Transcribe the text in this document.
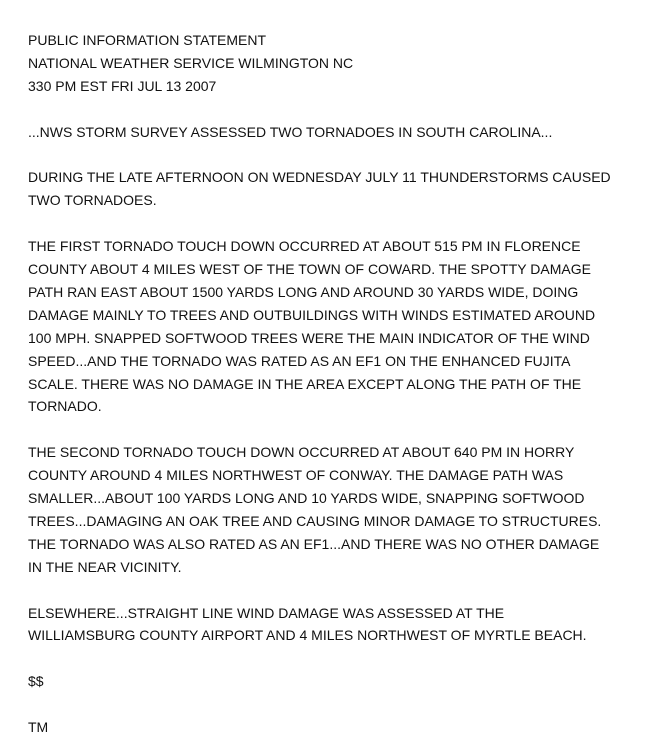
PUBLIC INFORMATION STATEMENT
NATIONAL WEATHER SERVICE WILMINGTON NC
330 PM EST FRI JUL 13 2007
...NWS STORM SURVEY ASSESSED TWO TORNADOES IN SOUTH CAROLINA...
DURING THE LATE AFTERNOON ON WEDNESDAY JULY 11 THUNDERSTORMS CAUSED
TWO TORNADOES.
THE FIRST TORNADO TOUCH DOWN OCCURRED AT ABOUT 515 PM IN FLORENCE
COUNTY ABOUT 4 MILES WEST OF THE TOWN OF COWARD. THE SPOTTY DAMAGE
PATH RAN EAST ABOUT 1500 YARDS LONG AND AROUND 30 YARDS WIDE, DOING
DAMAGE MAINLY TO TREES AND OUTBUILDINGS WITH WINDS ESTIMATED AROUND
100 MPH. SNAPPED SOFTWOOD TREES WERE THE MAIN INDICATOR OF THE WIND
SPEED...AND THE TORNADO WAS RATED AS AN EF1 ON THE ENHANCED FUJITA
SCALE. THERE WAS NO DAMAGE IN THE AREA EXCEPT ALONG THE PATH OF THE
TORNADO.
THE SECOND TORNADO TOUCH DOWN OCCURRED AT ABOUT 640 PM IN HORRY
COUNTY AROUND 4 MILES NORTHWEST OF CONWAY. THE DAMAGE PATH WAS
SMALLER...ABOUT 100 YARDS LONG AND 10 YARDS WIDE, SNAPPING SOFTWOOD
TREES...DAMAGING AN OAK TREE AND CAUSING MINOR DAMAGE TO STRUCTURES.
THE TORNADO WAS ALSO RATED AS AN EF1...AND THERE WAS NO OTHER DAMAGE
IN THE NEAR VICINITY.
ELSEWHERE...STRAIGHT LINE WIND DAMAGE WAS ASSESSED AT THE
WILLIAMSBURG COUNTY AIRPORT AND 4 MILES NORTHWEST OF MYRTLE BEACH.
$$
TM
